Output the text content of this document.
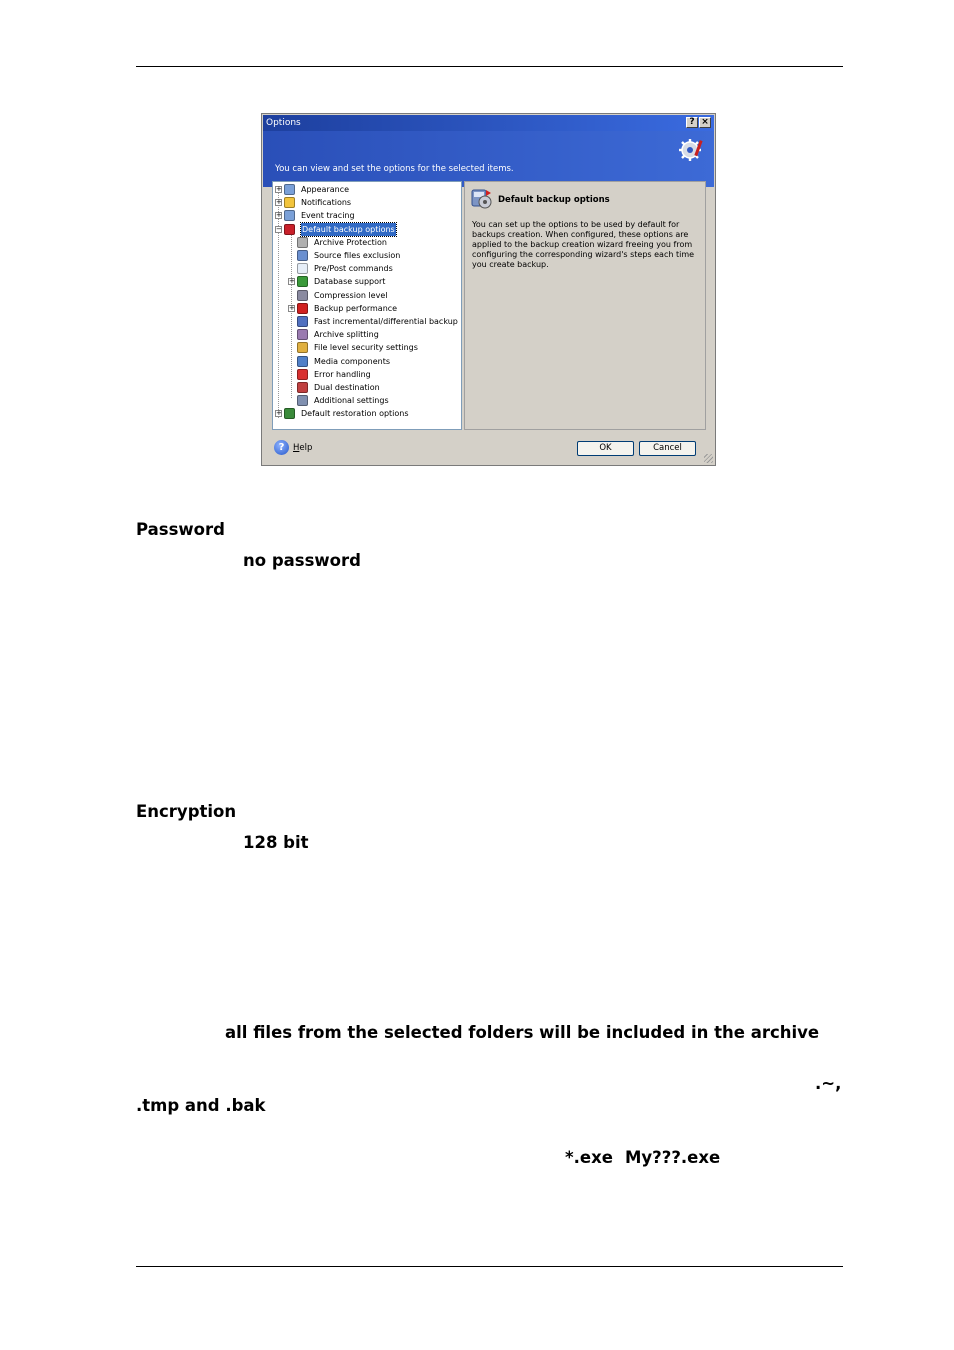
Options	? ×
You can view and set the options for the selected items.
+ Appearance
+ Notifications
+ Event tracing
−	Default backup options
Archive Protection
Source files exclusion
Pre/Post commands
+ Database support
Compression level
+ Backup performance
Fast incremental/differential backup
Archive splitting
File level security settings
Media components
Error handling
Dual destination
Additional settings
+ Default restoration options
Default backup options
You can set up the options to be used by default for backups creation. When configured, these options are applied to the backup creation wizard freeing you from configuring the corresponding wizard's steps each time you create backup.
?	Help	OK	Cancel
Password
no password
Encryption
128 bit
all files from the selected folders will be included in the archive
.~,
.tmp and .bak
*.exe My???.exe
